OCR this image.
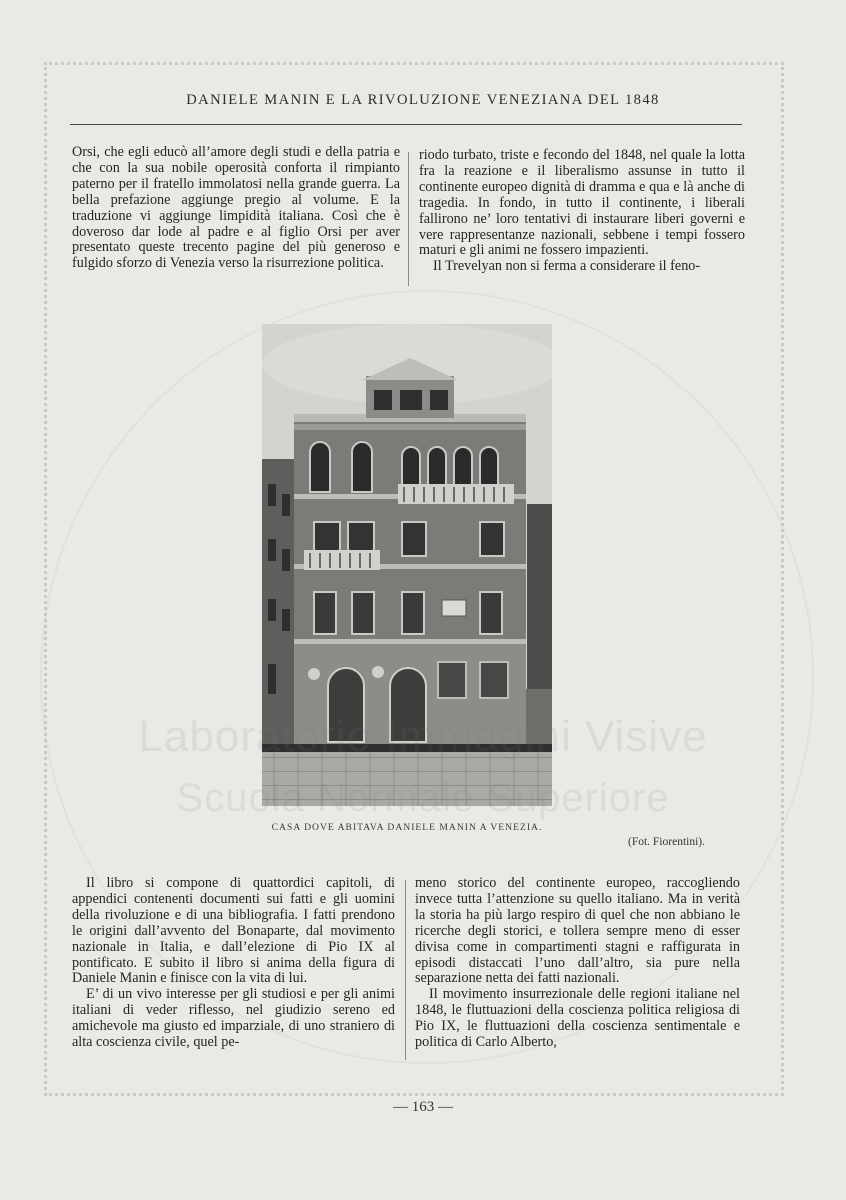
DANIELE MANIN E LA RIVOLUZIONE VENEZIANA DEL 1848

Orsi, che egli educò all’amore degli studi e della patria e che con la sua nobile operosità conforta il rimpianto paterno per il fratello immolatosi nella grande guerra. La bella prefazione aggiunge pregio al volume. E la traduzione vi aggiunge limpidità italiana. Così che è doveroso dar lode al padre e al figlio Orsi per aver presentato queste trecento pagine del più generoso e fulgido sforzo di Venezia verso la risurrezione politica.

riodo turbato, triste e fecondo del 1848, nel quale la lotta fra la reazione e il liberalismo assunse in tutto il continente europeo dignità di dramma e qua e là anche di tragedia. In fondo, in tutto il continente, i liberali fallirono ne’ loro tentativi di instaurare liberi governi e vere rappresentanze nazionali, sebbene i tempi fossero maturi e gli animi ne fossero impazienti.

Il Trevelyan non si ferma a considerare il feno-

CASA DOVE ABITAVA DANIELE MANIN A VENEZIA.
(Fot. Fiorentini).
Laboratorio Immagini Visive
Scuola Normale Superiore

Il libro si compone di quattordici capitoli, di appendici contenenti documenti sui fatti e gli uomini della rivoluzione e di una bibliografia. I fatti prendono le origini dall’avvento del Bonaparte, dal movimento nazionale in Italia, e dall’elezione di Pio IX al pontificato. E subito il libro si anima della figura di Daniele Manin e finisce con la vita di lui.

E’ di un vivo interesse per gli studiosi e per gli animi italiani di veder riflesso, nel giudizio sereno ed amichevole ma giusto ed imparziale, di uno straniero di alta coscienza civile, quel pe-

meno storico del continente europeo, raccogliendo invece tutta l’attenzione su quello italiano. Ma in verità la storia ha più largo respiro di quel che non abbiano le ricerche degli storici, e tollera sempre meno di esser divisa come in compartimenti stagni e raffigurata in episodi distaccati l’uno dall’altro, sia pure nella separazione netta dei fatti nazionali.

Il movimento insurrezionale delle regioni italiane nel 1848, le fluttuazioni della coscienza politica religiosa di Pio IX, le fluttuazioni della coscienza sentimentale e politica di Carlo Alberto,

— 163 —
